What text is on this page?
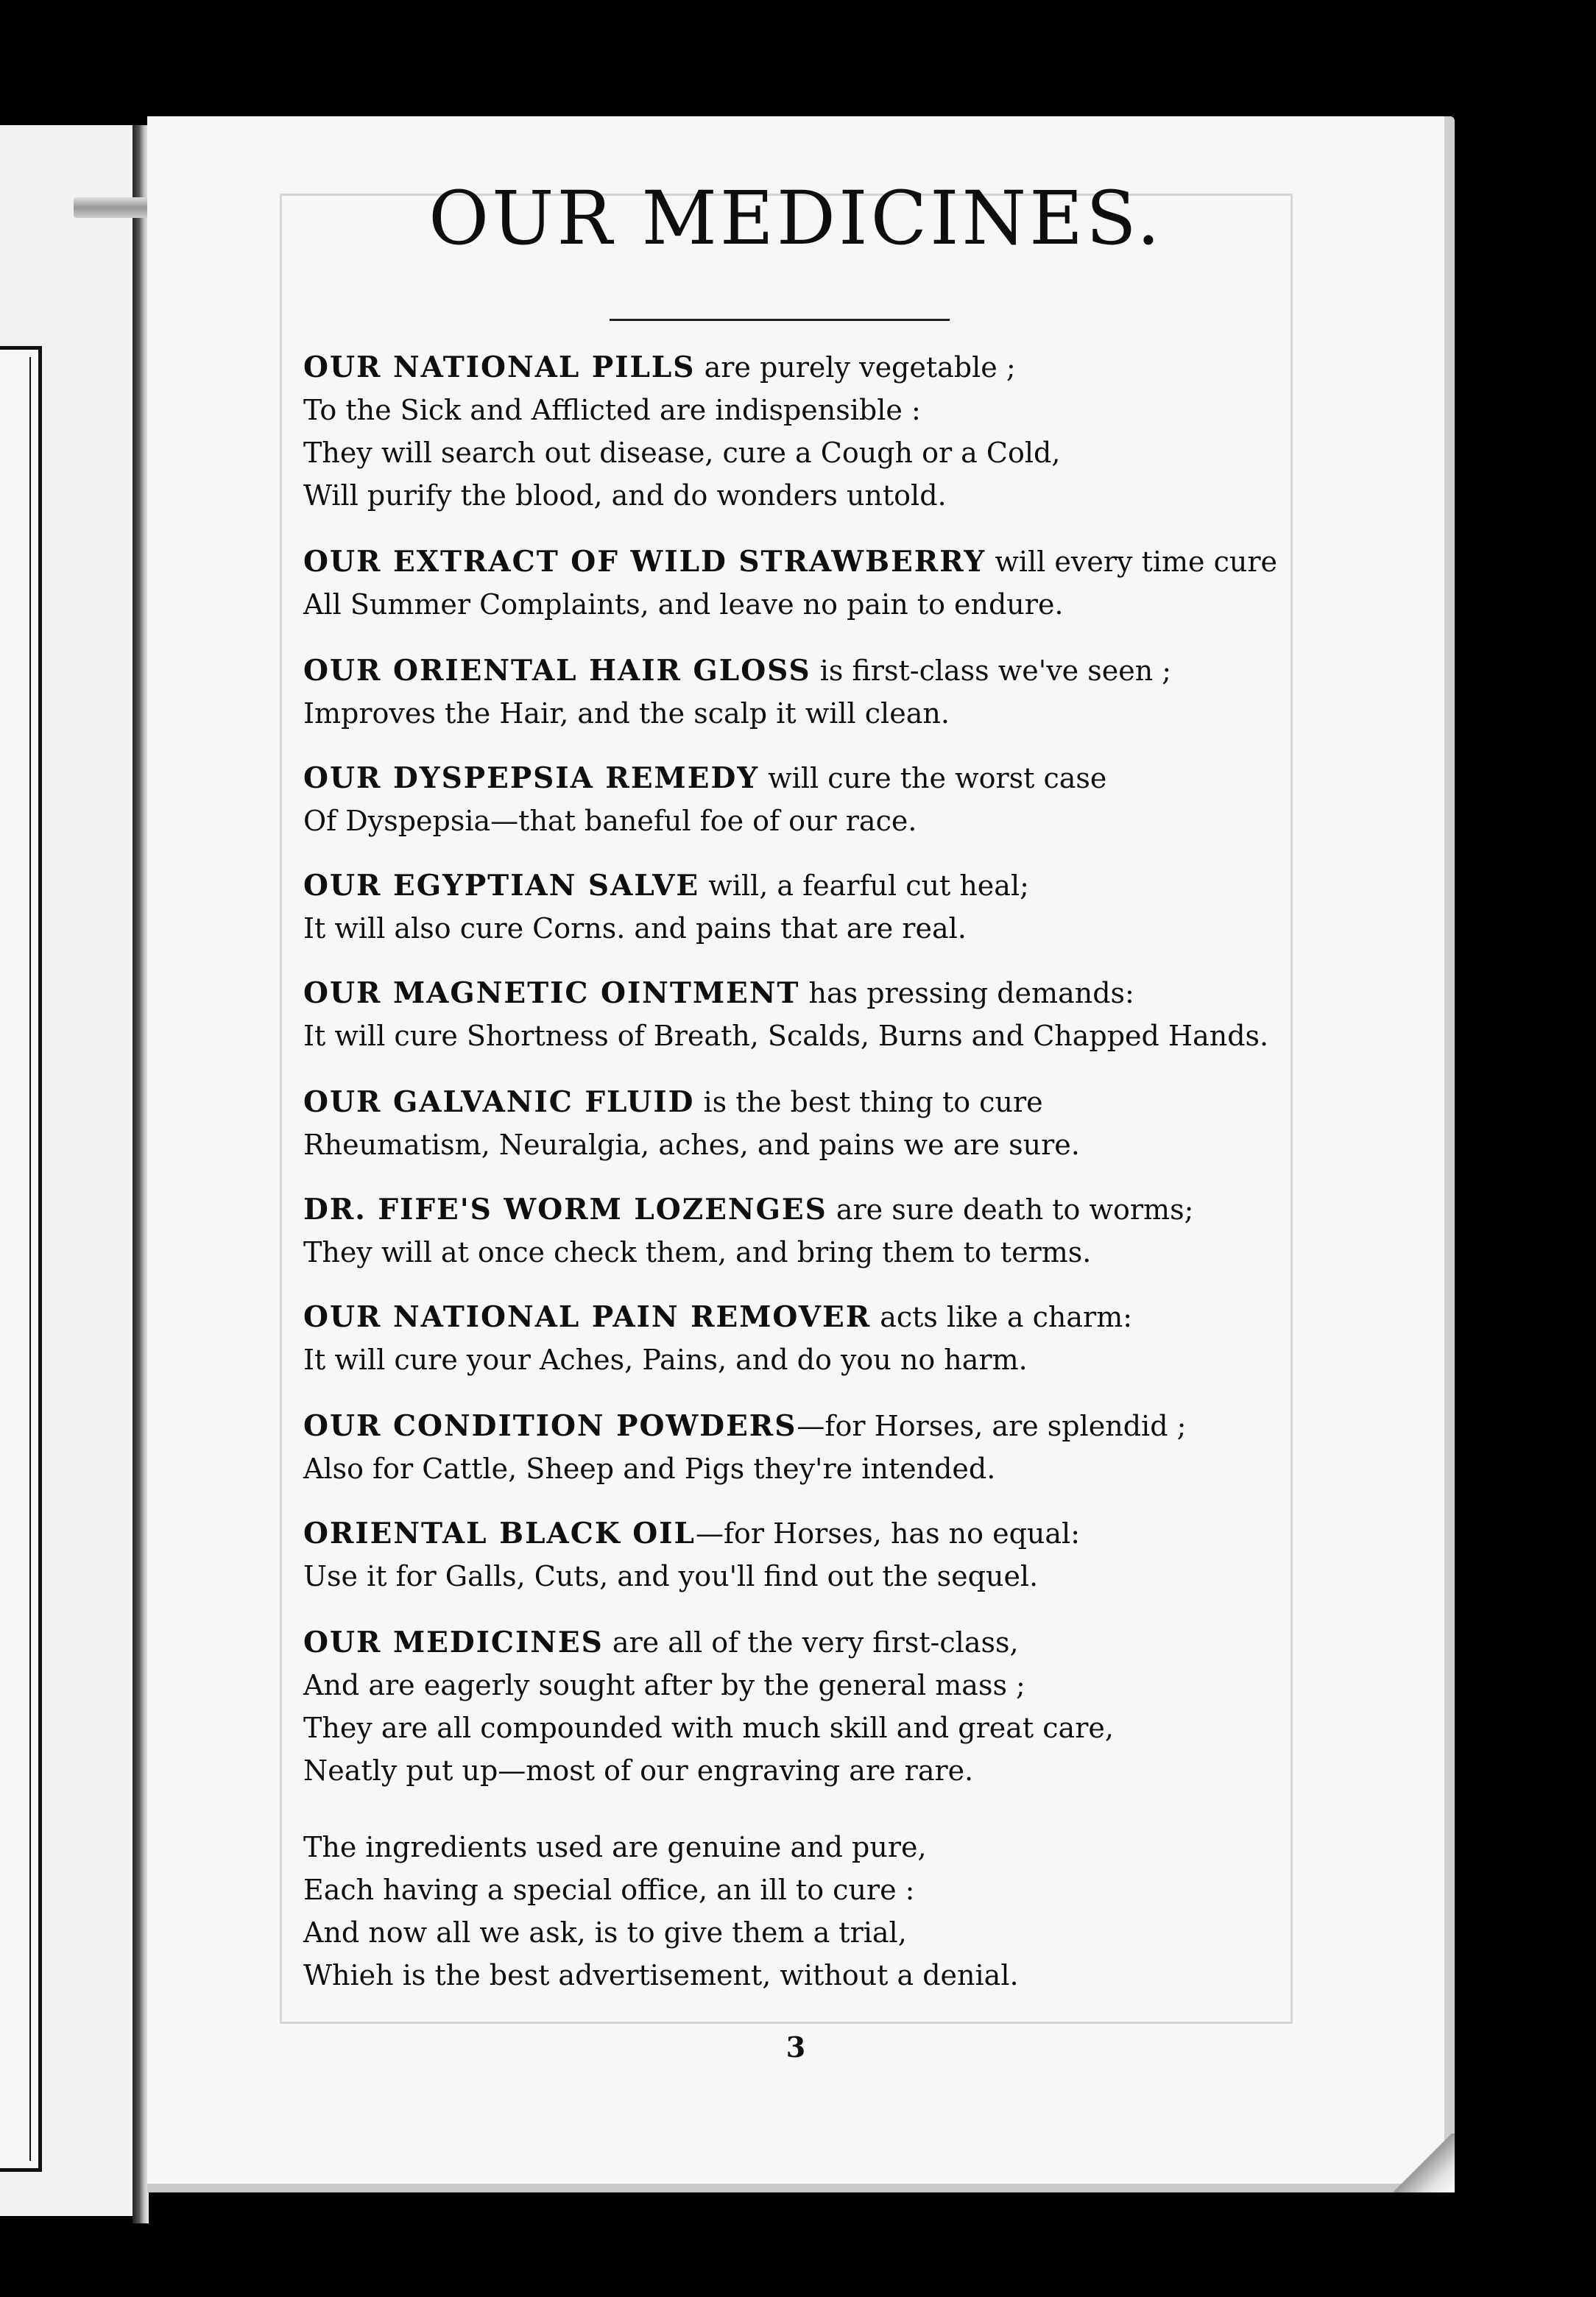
OUR MEDICINES.
OUR NATIONAL PILLS are purely vegetable ;
To the Sick and Afflicted are indispensible :
They will search out disease, cure a Cough or a Cold,
Will purify the blood, and do wonders untold.
OUR EXTRACT OF WILD STRAWBERRY will every time cure
All Summer Complaints, and leave no pain to endure.
OUR ORIENTAL HAIR GLOSS is first-class we've seen ;
Improves the Hair, and the scalp it will clean.
OUR DYSPEPSIA REMEDY will cure the worst case
Of Dyspepsia—that baneful foe of our race.
OUR EGYPTIAN SALVE will, a fearful cut heal;
It will also cure Corns. and pains that are real.
OUR MAGNETIC OINTMENT has pressing demands:
It will cure Shortness of Breath, Scalds, Burns and Chapped Hands.
OUR GALVANIC FLUID is the best thing to cure
Rheumatism, Neuralgia, aches, and pains we are sure.
DR. FIFE'S WORM LOZENGES are sure death to worms;
They will at once check them, and bring them to terms.
OUR NATIONAL PAIN REMOVER acts like a charm:
It will cure your Aches, Pains, and do you no harm.
OUR CONDITION POWDERS—for Horses, are splendid ;
Also for Cattle, Sheep and Pigs they're intended.
ORIENTAL BLACK OIL—for Horses, has no equal:
Use it for Galls, Cuts, and you'll find out the sequel.
OUR MEDICINES are all of the very first-class,
And are eagerly sought after by the general mass ;
They are all compounded with much skill and great care,
Neatly put up—most of our engraving are rare.
The ingredients used are genuine and pure,
Each having a special office, an ill to cure :
And now all we ask, is to give them a trial,
Whieh is the best advertisement, without a denial.
3
